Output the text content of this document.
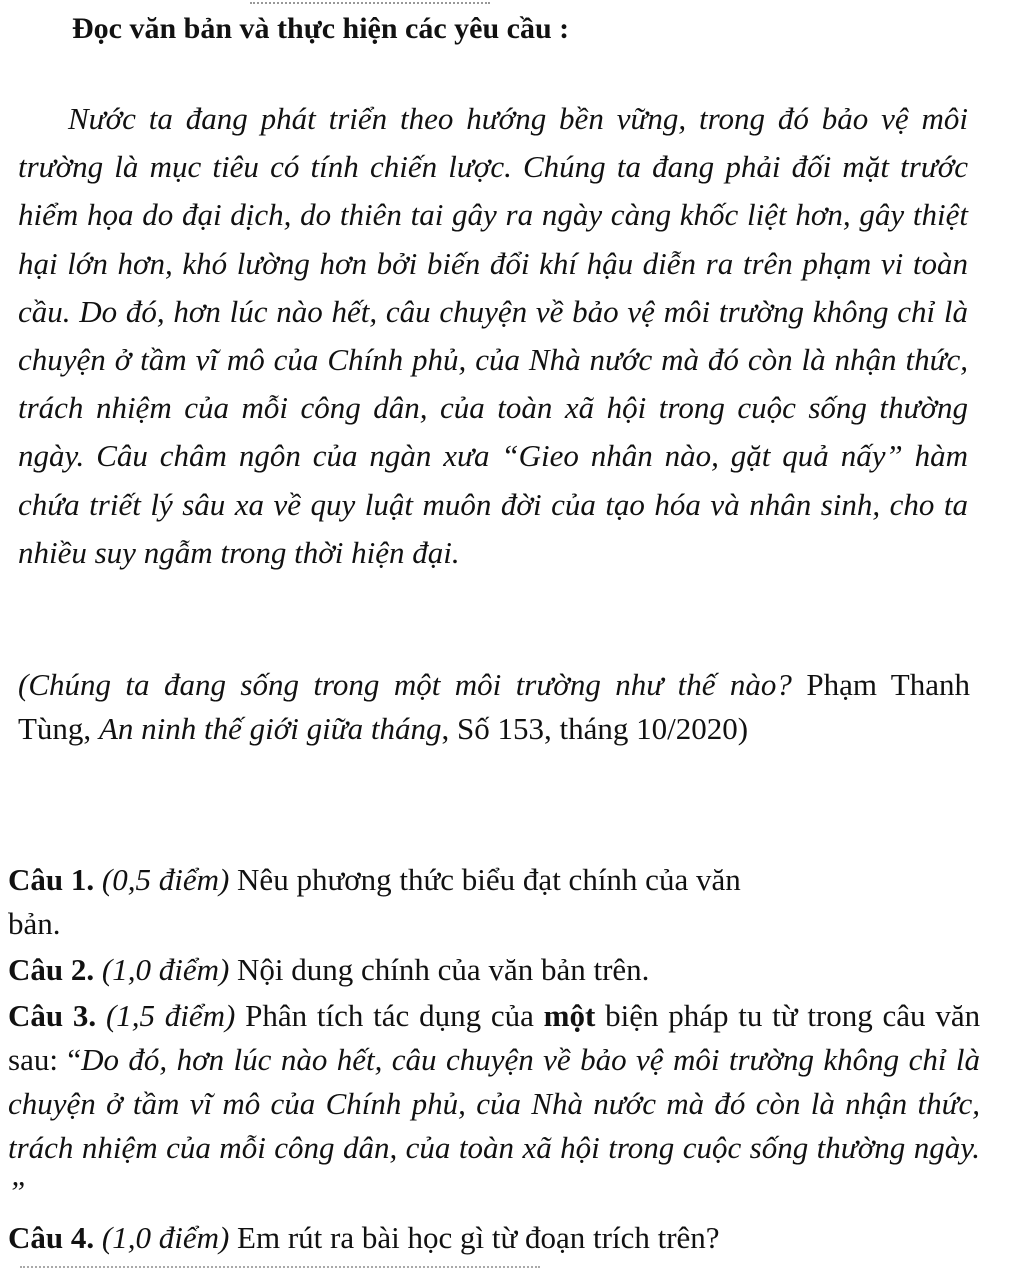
Đọc văn bản và thực hiện các yêu cầu :

Nước ta đang phát triển theo hướng bền vững, trong đó bảo vệ môi trường là mục tiêu có tính chiến lược. Chúng ta đang phải đối mặt trước hiểm họa do đại dịch, do thiên tai gây ra ngày càng khốc liệt hơn, gây thiệt hại lớn hơn, khó lường hơn bởi biến đổi khí hậu diễn ra trên phạm vi toàn cầu. Do đó, hơn lúc nào hết, câu chuyện về bảo vệ môi trường không chỉ là chuyện ở tầm vĩ mô của Chính phủ, của Nhà nước mà đó còn là nhận thức, trách nhiệm của mỗi công dân, của toàn xã hội trong cuộc sống thường ngày. Câu châm ngôn của ngàn xưa “Gieo nhân nào, gặt quả nấy” hàm chứa triết lý sâu xa về quy luật muôn đời của tạo hóa và nhân sinh, cho ta nhiều suy ngẫm trong thời hiện đại.

(Chúng ta đang sống trong một môi trường như thế nào? Phạm Thanh Tùng, An ninh thế giới giữa tháng, Số 153, tháng 10/2020)

Câu 1. (0,5 điểm) Nêu phương thức biểu đạt chính của văn
bản.

Câu 2. (1,0 điểm) Nội dung chính của văn bản trên.

Câu 3. (1,5 điểm) Phân tích tác dụng của một biện pháp tu từ trong câu văn sau: “Do đó, hơn lúc nào hết, câu chuyện về bảo vệ môi trường không chỉ là chuyện ở tầm vĩ mô của Chính phủ, của Nhà nước mà đó còn là nhận thức, trách nhiệm của mỗi công dân, của toàn xã hội trong cuộc sống thường ngày. ”

Câu 4. (1,0 điểm) Em rút ra bài học gì từ đoạn trích trên?
